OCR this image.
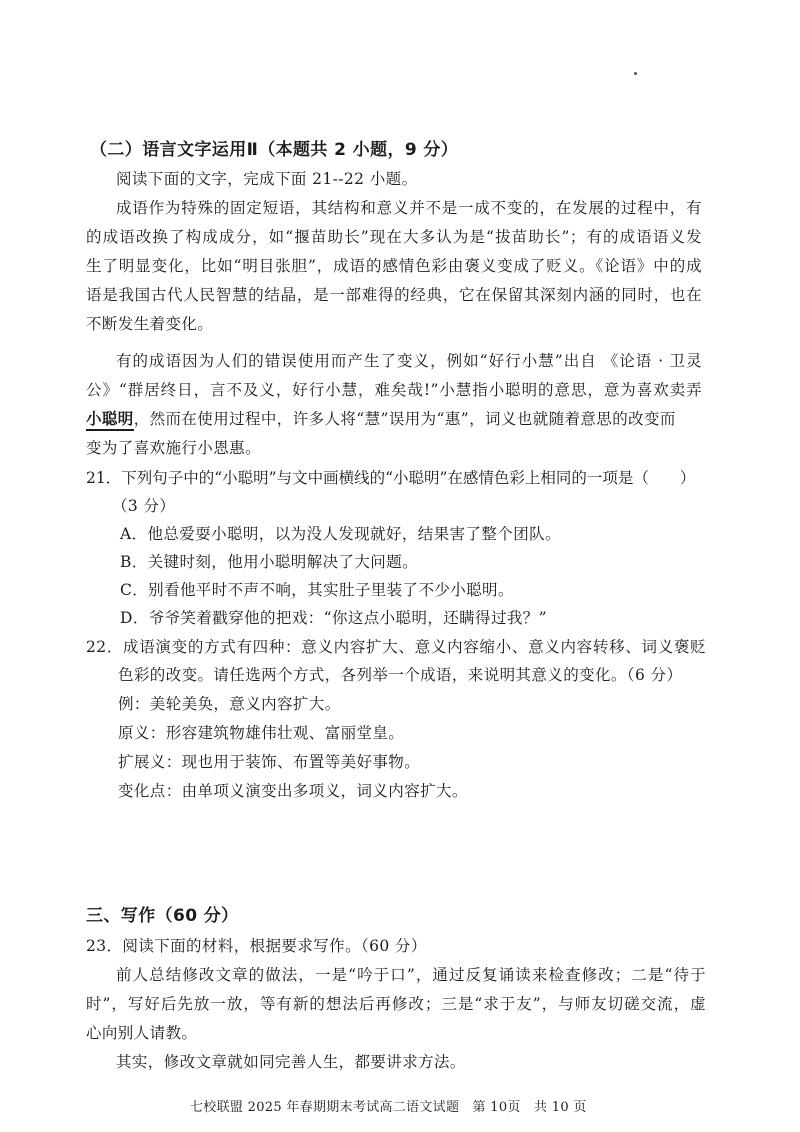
（二）语言文字运用Ⅱ（本题共 2 小题，9 分）
阅读下面的文字，完成下面 21--22 小题。
成语作为特殊的固定短语，其结构和意义并不是一成不变的，在发展的过程中，有
的成语改换了构成成分，如“揠苗助长”现在大多认为是“拔苗助长”；有的成语语义发
生了明显变化，比如“明目张胆”，成语的感情色彩由褒义变成了贬义。《论语》中的成
语是我国古代人民智慧的结晶，是一部难得的经典，它在保留其深刻内涵的同时，也在
不断发生着变化。
有的成语因为人们的错误使用而产生了变义，例如“好行小慧”出自 《论语 · 卫灵
公》“群居终日，言不及义，好行小慧，难矣哉!”小慧指小聪明的意思，意为喜欢卖弄
小聪明，然而在使用过程中，许多人将“慧”误用为“惠”，词义也就随着意思的改变而
变为了喜欢施行小恩惠。
21．下列句子中的“小聪明”与文中画横线的“小聪明”在感情色彩上相同的一项是（　　）
（3 分）
A．他总爱耍小聪明，以为没人发现就好，结果害了整个团队。
B．关键时刻，他用小聪明解决了大问题。
C．别看他平时不声不响，其实肚子里装了不少小聪明。
D．爷爷笑着戳穿他的把戏：“你这点小聪明，还瞒得过我？”
22．成语演变的方式有四种：意义内容扩大、意义内容缩小、意义内容转移、词义褒贬
色彩的改变。请任选两个方式，各列举一个成语，来说明其意义的变化。（6 分）
例：美轮美奂，意义内容扩大。
原义：形容建筑物雄伟壮观、富丽堂皇。
扩展义：现也用于装饰、布置等美好事物。
变化点：由单项义演变出多项义，词义内容扩大。
三、写作（60 分）
23．阅读下面的材料，根据要求写作。（60 分）
前人总结修改文章的做法，一是“吟于口”，通过反复诵读来检查修改；二是“待于
时”，写好后先放一放，等有新的想法后再修改；三是“求于友”，与师友切磋交流，虚
心向别人请教。
其实，修改文章就如同完善人生，都要讲求方法。
七校联盟 2025 年春期期末考试高二语文试题　第 10页　共 10 页
